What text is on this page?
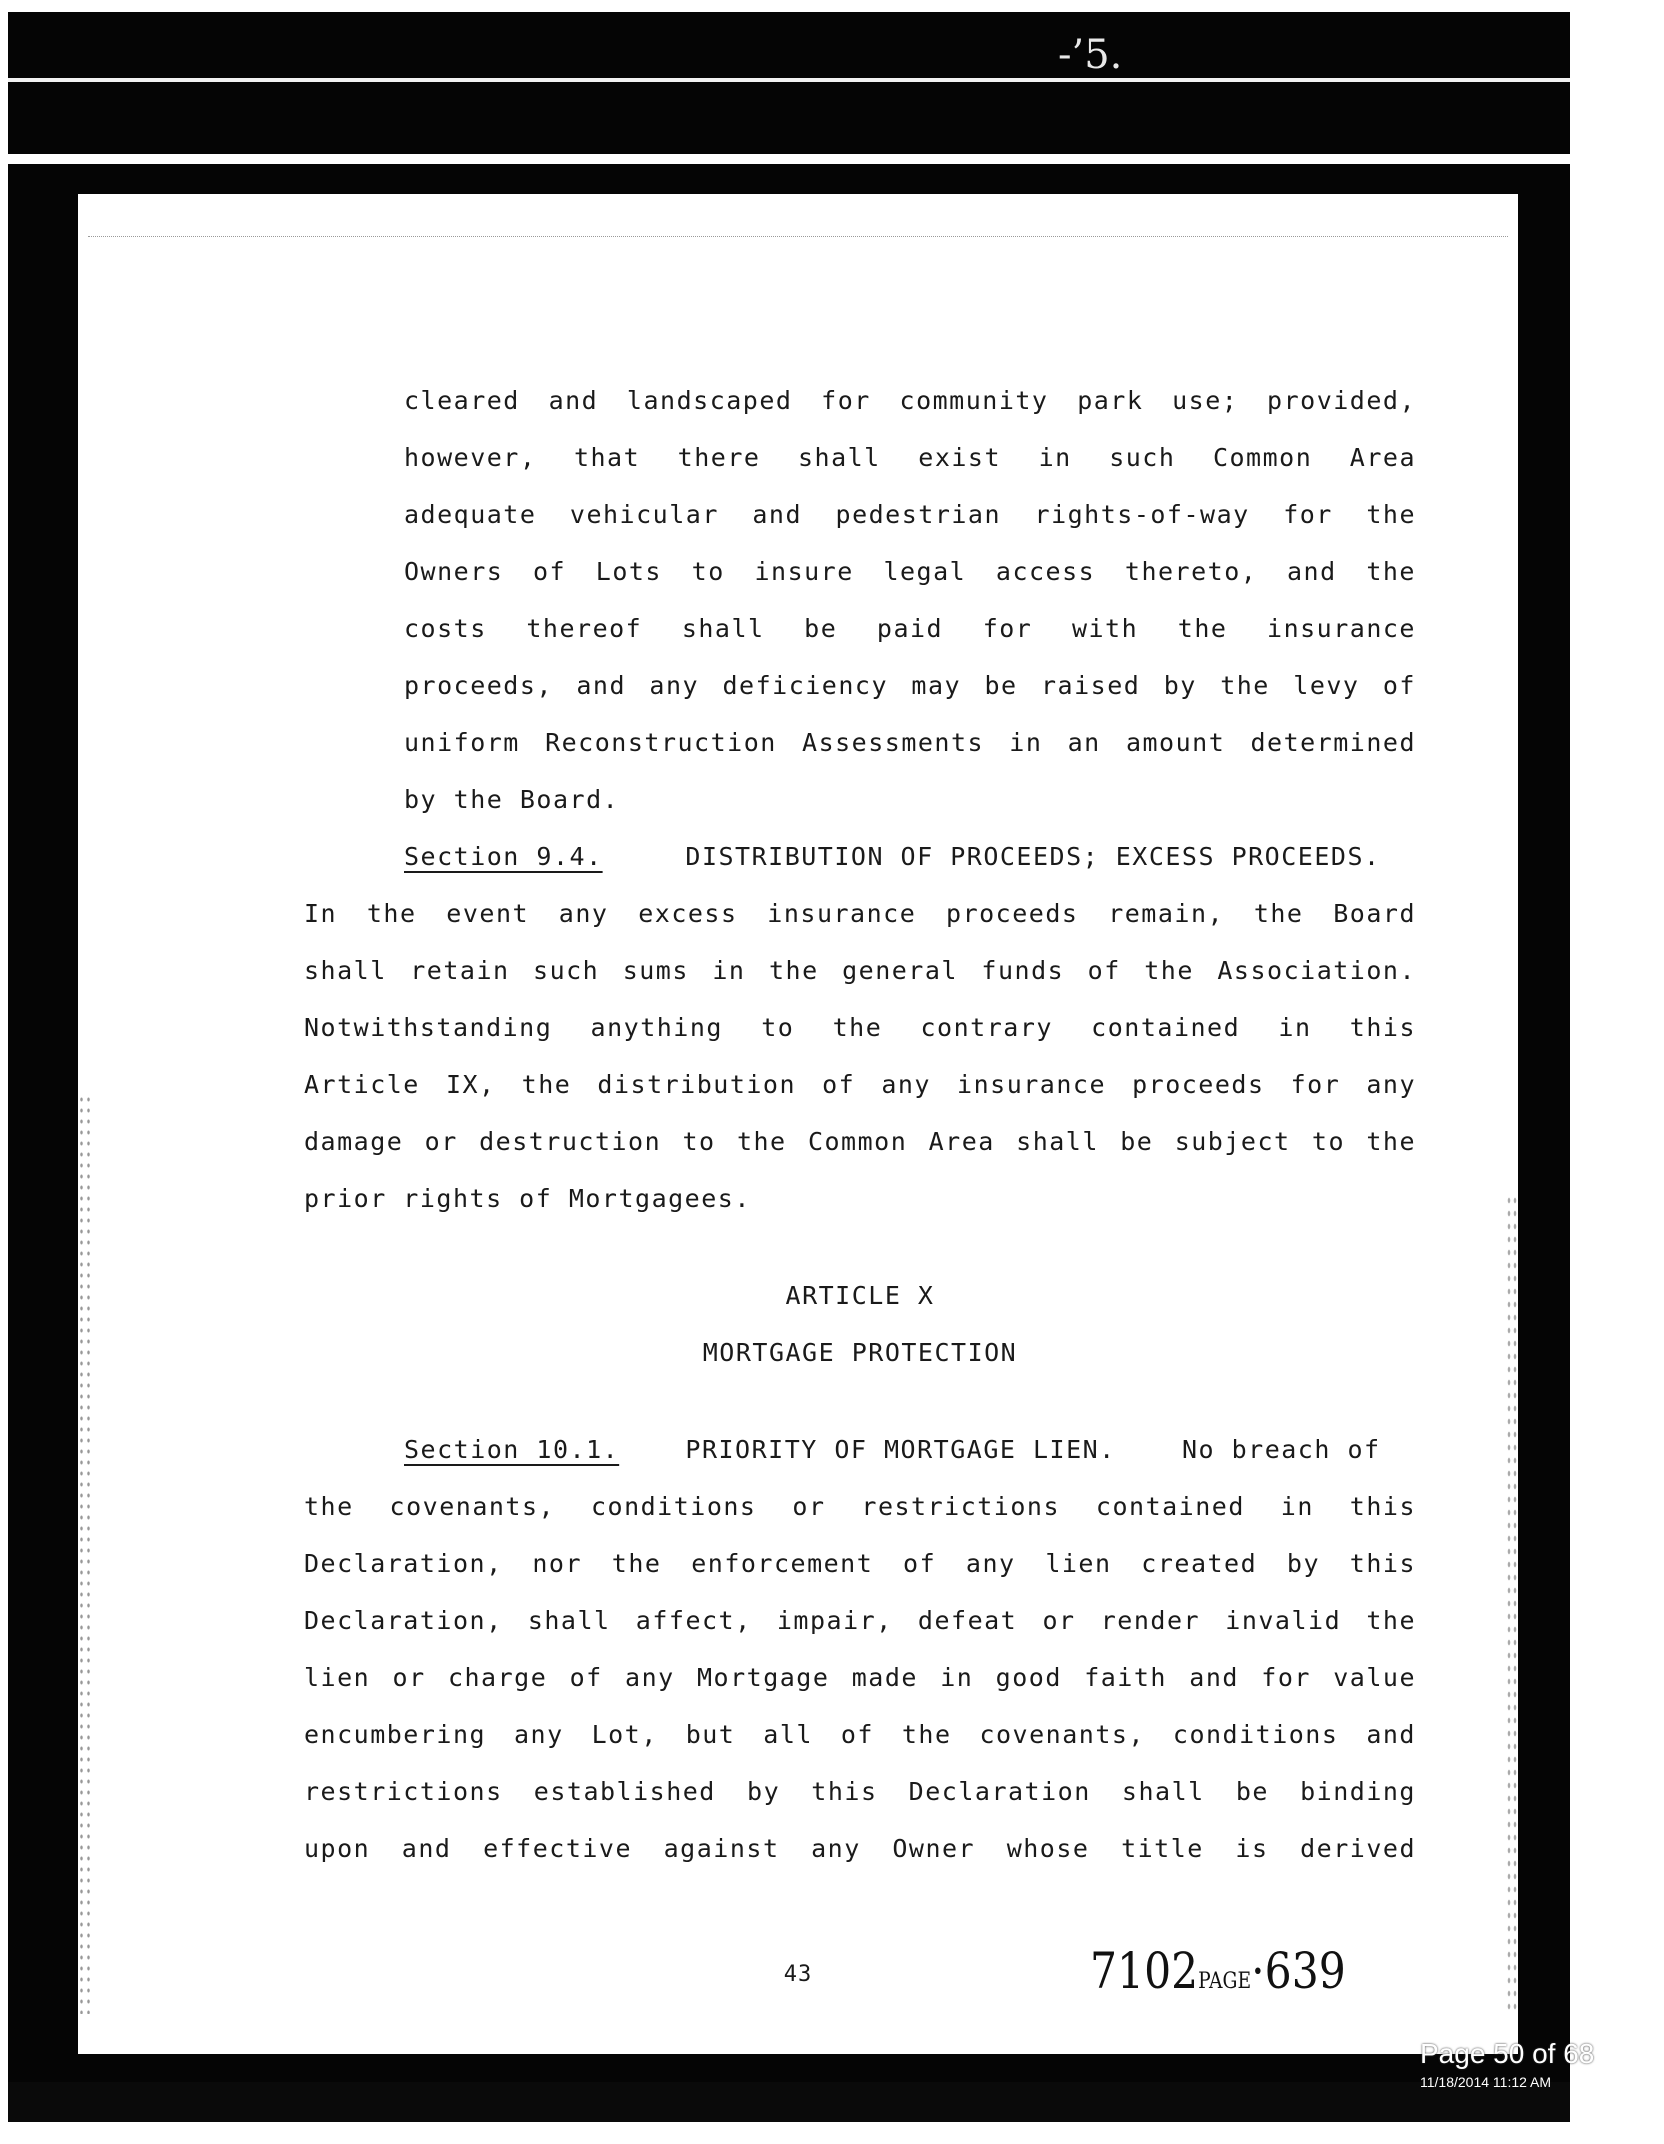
-’5.
cleared and landscaped for community park use; provided,
however, that there shall exist in such Common Area
adequate vehicular and pedestrian rights-of-way for the
Owners of Lots to insure legal access thereto, and the
costs thereof shall be paid for with the insurance
proceeds, and any deficiency may be raised by the levy of
uniform Reconstruction Assessments in an amount determined
by the Board.
Section 9.4.	DISTRIBUTION OF PROCEEDS; EXCESS PROCEEDS.
In the event any excess insurance proceeds remain, the Board
shall retain such sums in the general funds of the Association.
Notwithstanding anything to the contrary contained in this
Article IX, the distribution of any insurance proceeds for any
damage or destruction to the Common Area shall be subject to the
prior rights of Mortgagees.
ARTICLE X
MORTGAGE PROTECTION
Section 10.1.	PRIORITY OF MORTGAGE LIEN.	No breach of
the covenants, conditions or restrictions contained in this
Declaration, nor the enforcement of any lien created by this
Declaration, shall affect, impair, defeat or render invalid the
lien or charge of any Mortgage made in good faith and for value
encumbering any Lot, but all of the covenants, conditions and
restrictions established by this Declaration shall be binding
upon and effective against any Owner whose title is derived
43	7102PAGE·639
Page 50 of 68
11/18/2014 11:12 AM
